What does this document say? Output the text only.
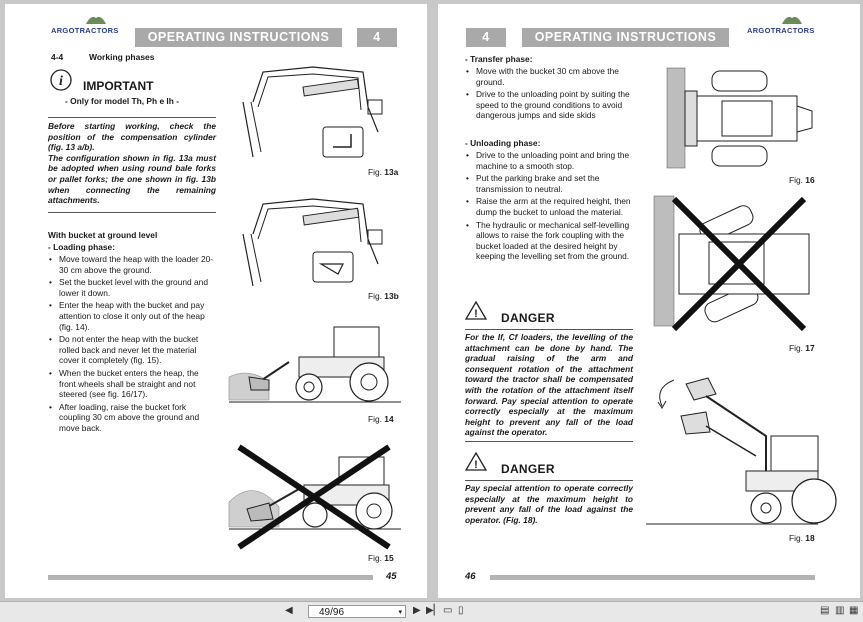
ARGOTRACTORS	OPERATING INSTRUCTIONS	4
4-4	Working phases
i IMPORTANT
- Only for model Th, Ph e Ih -
Before starting working, check the position of the compensation cylinder (fig. 13 a/b).
The configuration shown in fig. 13a must be adopted when using round bale forks or pallet forks; the one shown in fig. 13b when connecting the remaining attachments.
With bucket at ground level
- Loading phase:
• Move toward the heap with the loader 20-30 cm above the ground.
• Set the bucket level with the ground and lower it down.
• Enter the heap with the bucket and pay attention to close it only out of the heap (fig. 14).
• Do not enter the heap with the bucket rolled back and never let the material cover it completely (fig. 15).
• When the bucket enters the heap, the front wheels shall be straight and not steered (see fig. 16/17).
• After loading, raise the bucket fork coupling 30 cm above the ground and move back.
Fig. 13a
Fig. 13b
Fig. 14
Fig. 15
45
4	OPERATING INSTRUCTIONS	ARGOTRACTORS
- Transfer phase:
• Move with the bucket 30 cm above the ground.
• Drive to the unloading point by suiting the speed to the ground conditions to avoid dangerous jumps and side skids
- Unloading phase:
• Drive to the unloading point and bring the machine to a smooth stop.
• Put the parking brake and set the transmission to neutral.
• Raise the arm at the required height, then dump the bucket to unload the material.
• The hydraulic or mechanical self-levelling allows to raise the fork coupling with the bucket loaded at the desired height by keeping the levelling set from the ground.
! DANGER
For the If, Cf loaders, the levelling of the attachment can be done by hand. The gradual raising of the arm and consequent rotation of the attachment toward the tractor shall be compensated with the rotation of the attachment itself forward. Pay special attention to operate correctly especially at the maximum height to prevent any fall of the load against the operator.
! DANGER
Pay special attention to operate correctly especially at the maximum height to prevent any fall of the load against the operator. (Fig. 18).
Fig. 16
Fig. 17
Fig. 18
46
◀	49/96	▾ ▶ ▶▏ ▭ ▯	▤ ▥ ▦
